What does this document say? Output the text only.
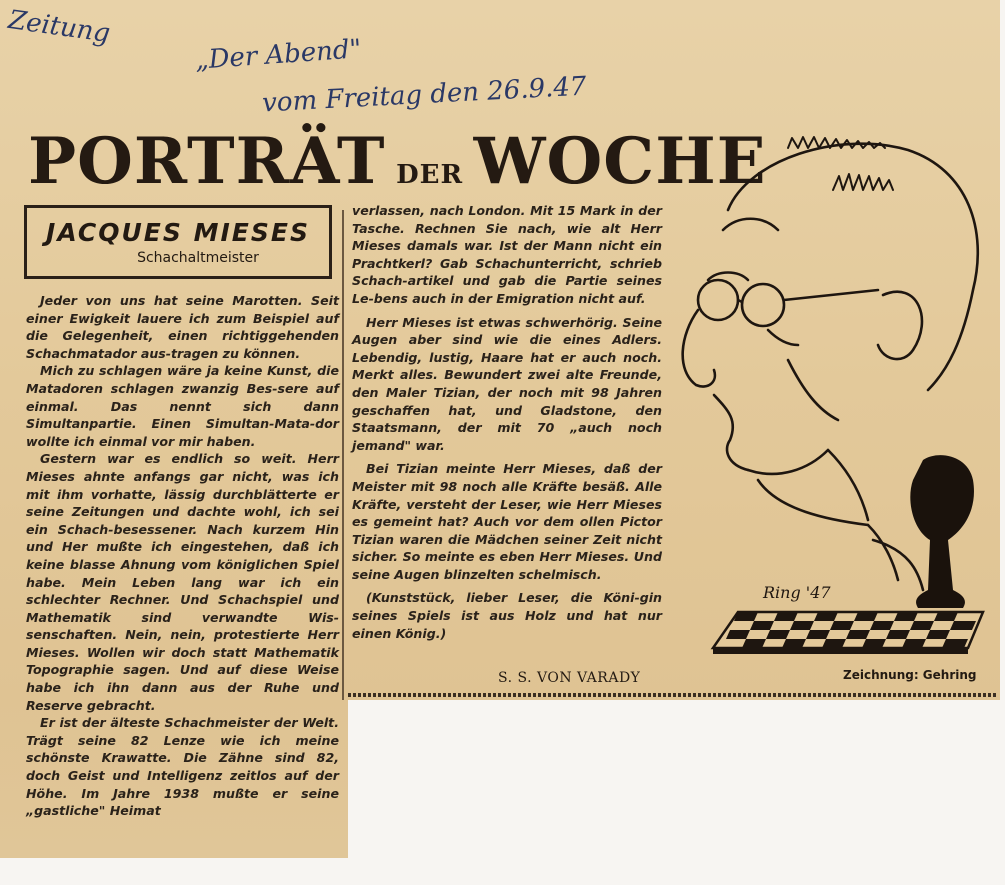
Zeitung
„Der Abend"
vom Freitag den 26.9.47
PORTRÄT DER WOCHE
JACQUES MIESES
Schachaltmeister

Jeder von uns hat seine Marotten. Seit einer Ewigkeit lauere ich zum Beispiel auf die Gelegenheit, einen richtiggehenden Schachmatador aus-tragen zu können.

Mich zu schlagen wäre ja keine Kunst, die Matadoren schlagen zwanzig Bes-sere auf einmal. Das nennt sich dann Simultanpartie. Einen Simultan-Mata-dor wollte ich einmal vor mir haben.

Gestern war es endlich so weit. Herr Mieses ahnte anfangs gar nicht, was ich mit ihm vorhatte, lässig durchblätterte er seine Zeitungen und dachte wohl, ich sei ein Schach-besessener. Nach kurzem Hin und Her mußte ich eingestehen, daß ich keine blasse Ahnung vom königlichen Spiel habe. Mein Leben lang war ich ein schlechter Rechner. Und Schachspiel und Mathematik sind verwandte Wis-senschaften. Nein, nein, protestierte Herr Mieses. Wollen wir doch statt Mathematik Topographie sagen. Und auf diese Weise habe ich ihn dann aus der Ruhe und Reserve gebracht.

Er ist der älteste Schachmeister der Welt. Trägt seine 82 Lenze wie ich meine schönste Krawatte. Die Zähne sind 82, doch Geist und Intelligenz zeitlos auf der Höhe. Im Jahre 1938 mußte er seine „gastliche" Heimat

verlassen, nach London. Mit 15 Mark in der Tasche. Rechnen Sie nach, wie alt Herr Mieses damals war. Ist der Mann nicht ein Prachtkerl? Gab Schachunterricht, schrieb Schach-artikel und gab die Partie seines Le-bens auch in der Emigration nicht auf.

Herr Mieses ist etwas schwerhörig. Seine Augen aber sind wie die eines Adlers. Lebendig, lustig, Haare hat er auch noch. Merkt alles. Bewundert zwei alte Freunde, den Maler Tizian, der noch mit 98 Jahren geschaffen hat, und Gladstone, den Staatsmann, der mit 70 „auch noch jemand" war.

Bei Tizian meinte Herr Mieses, daß der Meister mit 98 noch alle Kräfte besäß. Alle Kräfte, versteht der Leser, wie Herr Mieses es gemeint hat? Auch vor dem ollen Pictor Tizian waren die Mädchen seiner Zeit nicht sicher. So meinte es eben Herr Mieses. Und seine Augen blinzelten schelmisch.

(Kunststück, lieber Leser, die Köni-gin seines Spiels ist aus Holz und hat nur einen König.)

S. S. VON VARADY
Ring '47
Zeichnung: Gehring
